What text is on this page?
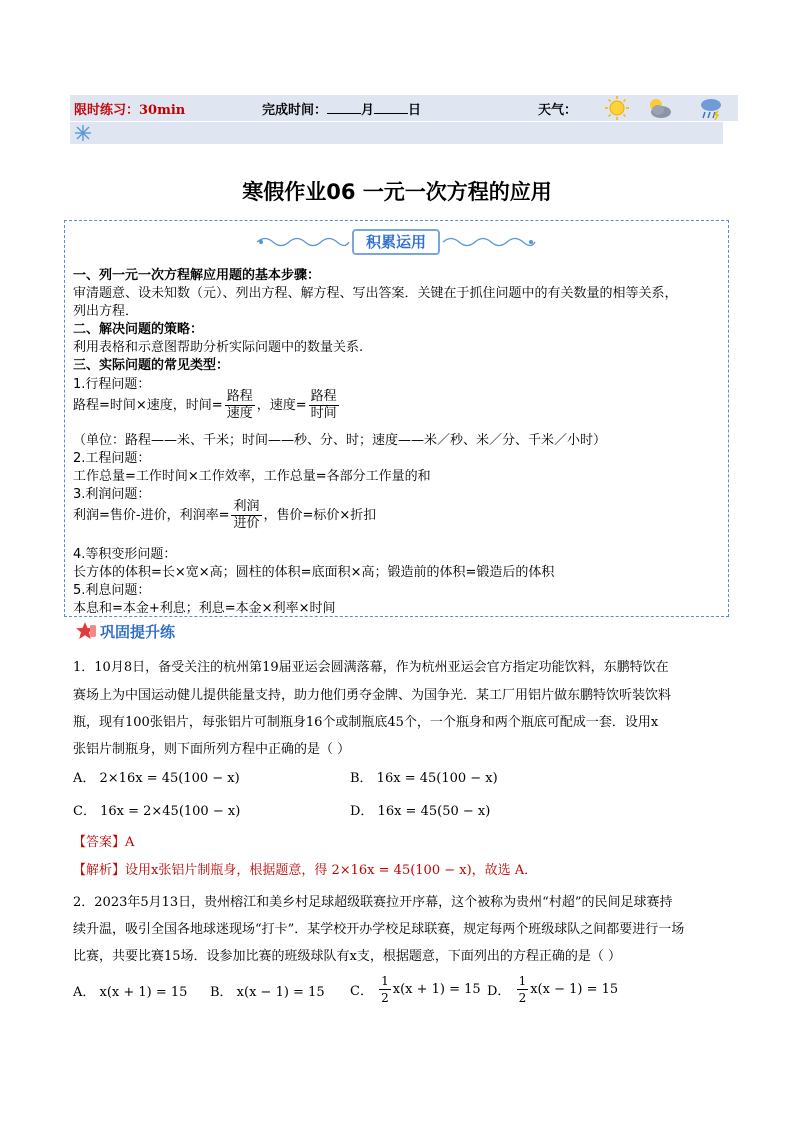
限时练习：30min	完成时间：	月	日	天气：
寒假作业06 一元一次方程的应用
积累运用
一、列一元一次方程解应用题的基本步骤：
审清题意、设未知数（元）、列出方程、解方程、写出答案．关键在于抓住问题中的有关数量的相等关系，
列出方程．
二、解决问题的策略：
利用表格和示意图帮助分析实际问题中的数量关系.
三、实际问题的常见类型：
1.行程问题：
路程=时间×速度，时间= $\frac{\text{路程}}{\text{速度}}$ ，速度= $\frac{\text{路程}}{\text{时间}}$
（单位：路程——米、千米；时间——秒、分、时；速度——米／秒、米／分、千米／小时）
2.工程问题：
工作总量=工作时间×工作效率，工作总量=各部分工作量的和
3.利润问题：
利润=售价-进价，利润率= $\frac{\text{利润}}{\text{进价}}$ ，售价=标价×折扣
4.等积变形问题：
长方体的体积=长×宽×高；圆柱的体积=底面积×高；锻造前的体积=锻造后的体积
5.利息问题：
本息和=本金+利息；利息=本金×利率×时间
巩固提升练
1．10月8日，备受关注的杭州第19届亚运会圆满落幕，作为杭州亚运会官方指定功能饮料，东鹏特饮在
赛场上为中国运动健儿提供能量支持，助力他们勇夺金牌、为国争光．某工厂用铝片做东鹏特饮听装饮料
瓶，现有100张铝片，每张铝片可制瓶身16个或制瓶底45个，一个瓶身和两个瓶底可配成一套．设用x
张铝片制瓶身，则下面所列方程中正确的是（ ）
A． 2×16x = 45(100 − x)	B． 16x = 45(100 − x)
C． 16x = 2×45(100 − x)	D． 16x = 45(50 − x)
【答案】A
【解析】设用x张铝片制瓶身，根据题意，得 2×16x = 45(100 − x)，故选 A．
2．2023年5月13日，贵州榕江和美乡村足球超级联赛拉开序幕，这个被称为贵州“村超”的民间足球赛持
续升温，吸引全国各地球迷现场“打卡”．某学校开办学校足球联赛，规定每两个班级球队之间都要进行一场
比赛，共要比赛15场．设参加比赛的班级球队有x支，根据题意，下面列出的方程正确的是（ ）
A． x(x + 1) = 15 B． x(x − 1) = 15 C． $\frac{1}{2} x(x + 1) = 15$ D． $\frac{1}{2} x(x - 1) = 15$
